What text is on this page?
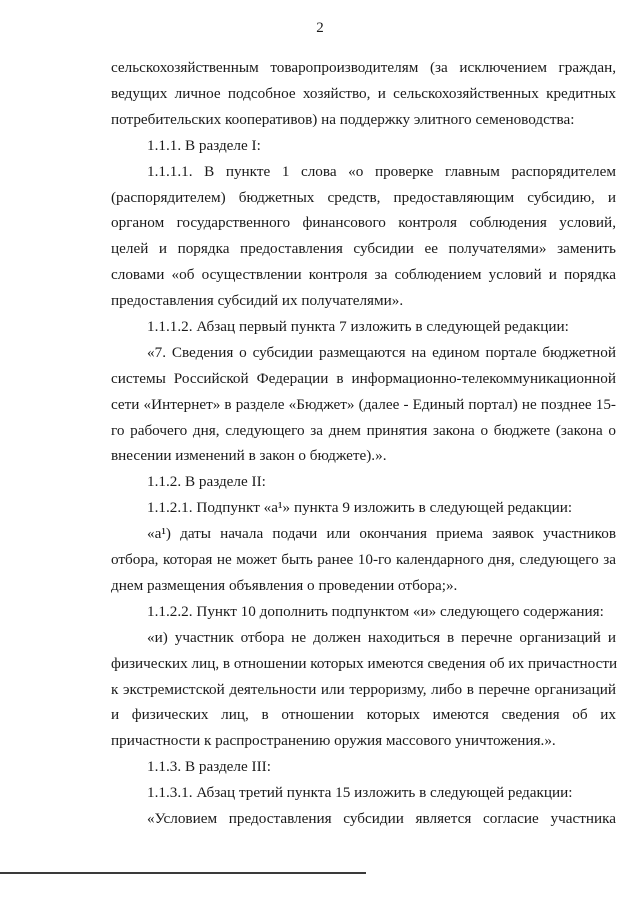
2
сельскохозяйственным товаропроизводителям (за исключением граждан,
ведущих личное подсобное хозяйство, и сельскохозяйственных кредитных
потребительских кооперативов) на поддержку элитного семеноводства:
1.1.1. В разделе I:
1.1.1.1. В пункте 1 слова «о проверке главным распорядителем
(распорядителем) бюджетных средств, предоставляющим субсидию, и
органом государственного финансового контроля соблюдения условий,
целей и порядка предоставления субсидии ее получателями» заменить
словами «об осуществлении контроля за соблюдением условий и порядка
предоставления субсидий их получателями».
1.1.1.2. Абзац первый пункта 7 изложить в следующей редакции:
«7. Сведения о субсидии размещаются на едином портале бюджетной
системы Российской Федерации в информационно-телекоммуникационной
сети «Интернет» в разделе «Бюджет» (далее - Единый портал) не позднее 15-
го рабочего дня, следующего за днем принятия закона о бюджете (закона о
внесении изменений в закон о бюджете).».
1.1.2. В разделе II:
1.1.2.1. Подпункт «а¹» пункта 9 изложить в следующей редакции:
«а¹) даты начала подачи или окончания приема заявок участников
отбора, которая не может быть ранее 10-го календарного дня, следующего за
днем размещения объявления о проведении отбора;».
1.1.2.2. Пункт 10 дополнить подпунктом «и» следующего содержания:
«и) участник отбора не должен находиться в перечне организаций и
физических лиц, в отношении которых имеются сведения об их причастности
к экстремистской деятельности или терроризму, либо в перечне организаций
и физических лиц, в отношении которых имеются сведения об их
причастности к распространению оружия массового уничтожения.».
1.1.3. В разделе III:
1.1.3.1. Абзац третий пункта 15 изложить в следующей редакции:
«Условием предоставления субсидии является согласие участника
